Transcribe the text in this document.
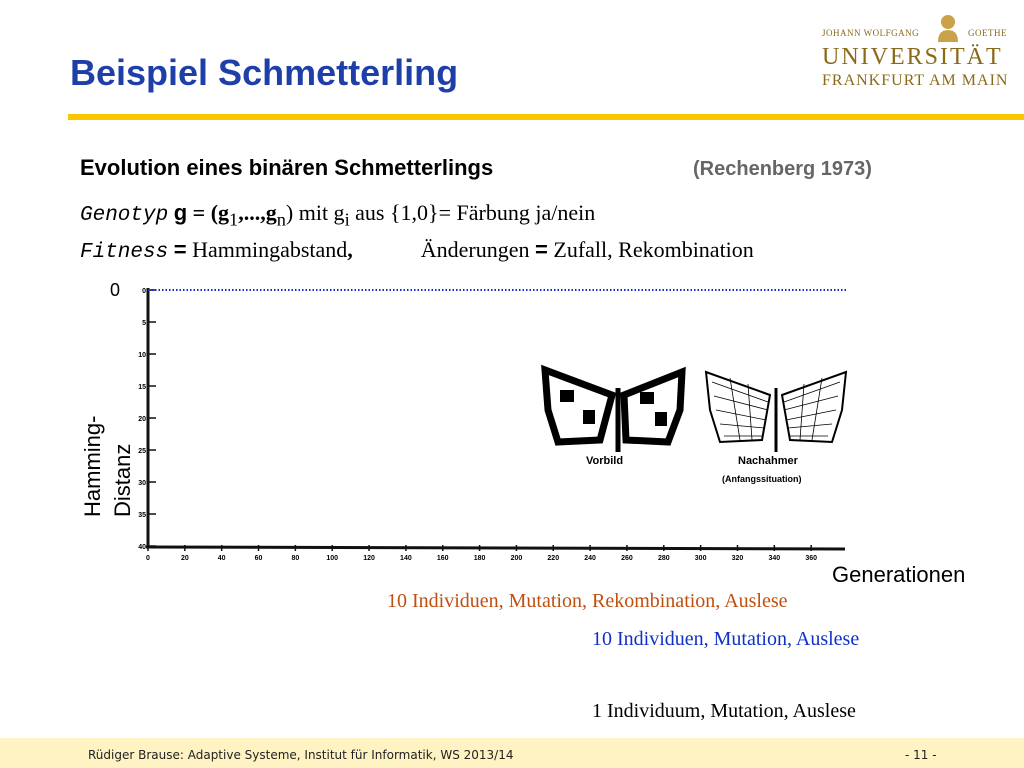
Beispiel Schmetterling
JOHANN WOLFGANG	GOETHE
UNIVERSITÄT
FRANKFURT AM MAIN
Evolution eines binären Schmetterlings	(Rechenberg 1973)
Genotyp $g = (g_1,...,g_n)$ mit $g_i$ aus {1,0}= Färbung ja/nein
Fitness = Hammingabstand,	Änderungen = Zufall, Rekombination
0
Hamming- Distanz
0
5
10
15
20
25
30
35
40
0	20	40	60	80	100	120	140	160	180	200	220	240	260	280	300	320	340	360
Vorbild	Nachahmer
(Anfangssituation)
Generationen
10 Individuen, Mutation, Rekombination, Auslese
10 Individuen, Mutation, Auslese
1 Individuum, Mutation, Auslese
Rüdiger Brause: Adaptive Systeme, Institut für Informatik, WS 2013/14	- 11 -
